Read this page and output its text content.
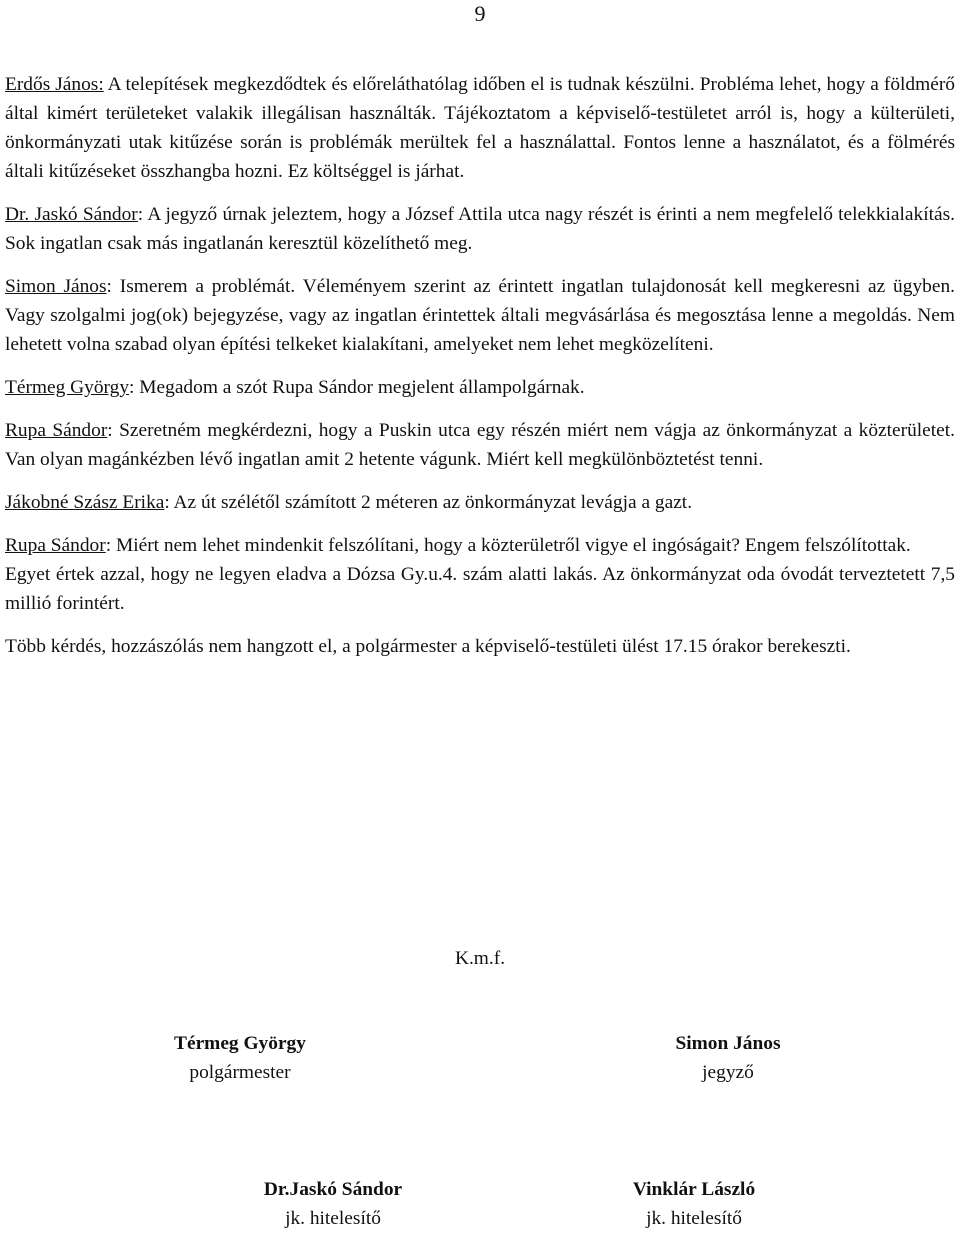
9

Erdős János: A telepítések megkezdődtek és előreláthatólag időben el is tudnak készülni. Probléma lehet, hogy a földmérő által kimért területeket valakik illegálisan használták. Tájékoztatom a képviselő-testületet arról is, hogy a külterületi, önkormányzati utak kitűzése során is problémák merültek fel a használattal. Fontos lenne a használatot, és a fölmérés általi kitűzéseket összhangba hozni. Ez költséggel is járhat.

Dr. Jaskó Sándor: A jegyző úrnak jeleztem, hogy a József Attila utca nagy részét is érinti a nem megfelelő telekkialakítás. Sok ingatlan csak más ingatlanán keresztül közelíthető meg.

Simon János: Ismerem a problémát. Véleményem szerint az érintett ingatlan tulajdonosát kell megkeresni az ügyben. Vagy szolgalmi jog(ok) bejegyzése, vagy az ingatlan érintettek általi megvásárlása és megosztása lenne a megoldás. Nem lehetett volna szabad olyan építési telkeket kialakítani, amelyeket nem lehet megközelíteni.

Térmeg György: Megadom a szót Rupa Sándor megjelent állampolgárnak.

Rupa Sándor: Szeretném megkérdezni, hogy a Puskin utca egy részén miért nem vágja az önkormányzat a közterületet. Van olyan magánkézben lévő ingatlan amit 2 hetente vágunk. Miért kell megkülönböztetést tenni.

Jákobné Szász Erika: Az út szélétől számított 2 méteren az önkormányzat levágja a gazt.

Rupa Sándor: Miért nem lehet mindenkit felszólítani, hogy a közterületről vigye el ingóságait? Engem felszólítottak.

Egyet értek azzal, hogy ne legyen eladva a Dózsa Gy.u.4. szám alatti lakás. Az önkormányzat oda óvodát terveztetett 7,5 millió forintért.

Több kérdés, hozzászólás nem hangzott el, a polgármester a képviselő-testületi ülést 17.15 órakor berekeszti.

K.m.f.
Térmeg György
polgármester
Simon János
jegyző
Dr.Jaskó Sándor
jk. hitelesítő
Vinklár László
jk. hitelesítő
